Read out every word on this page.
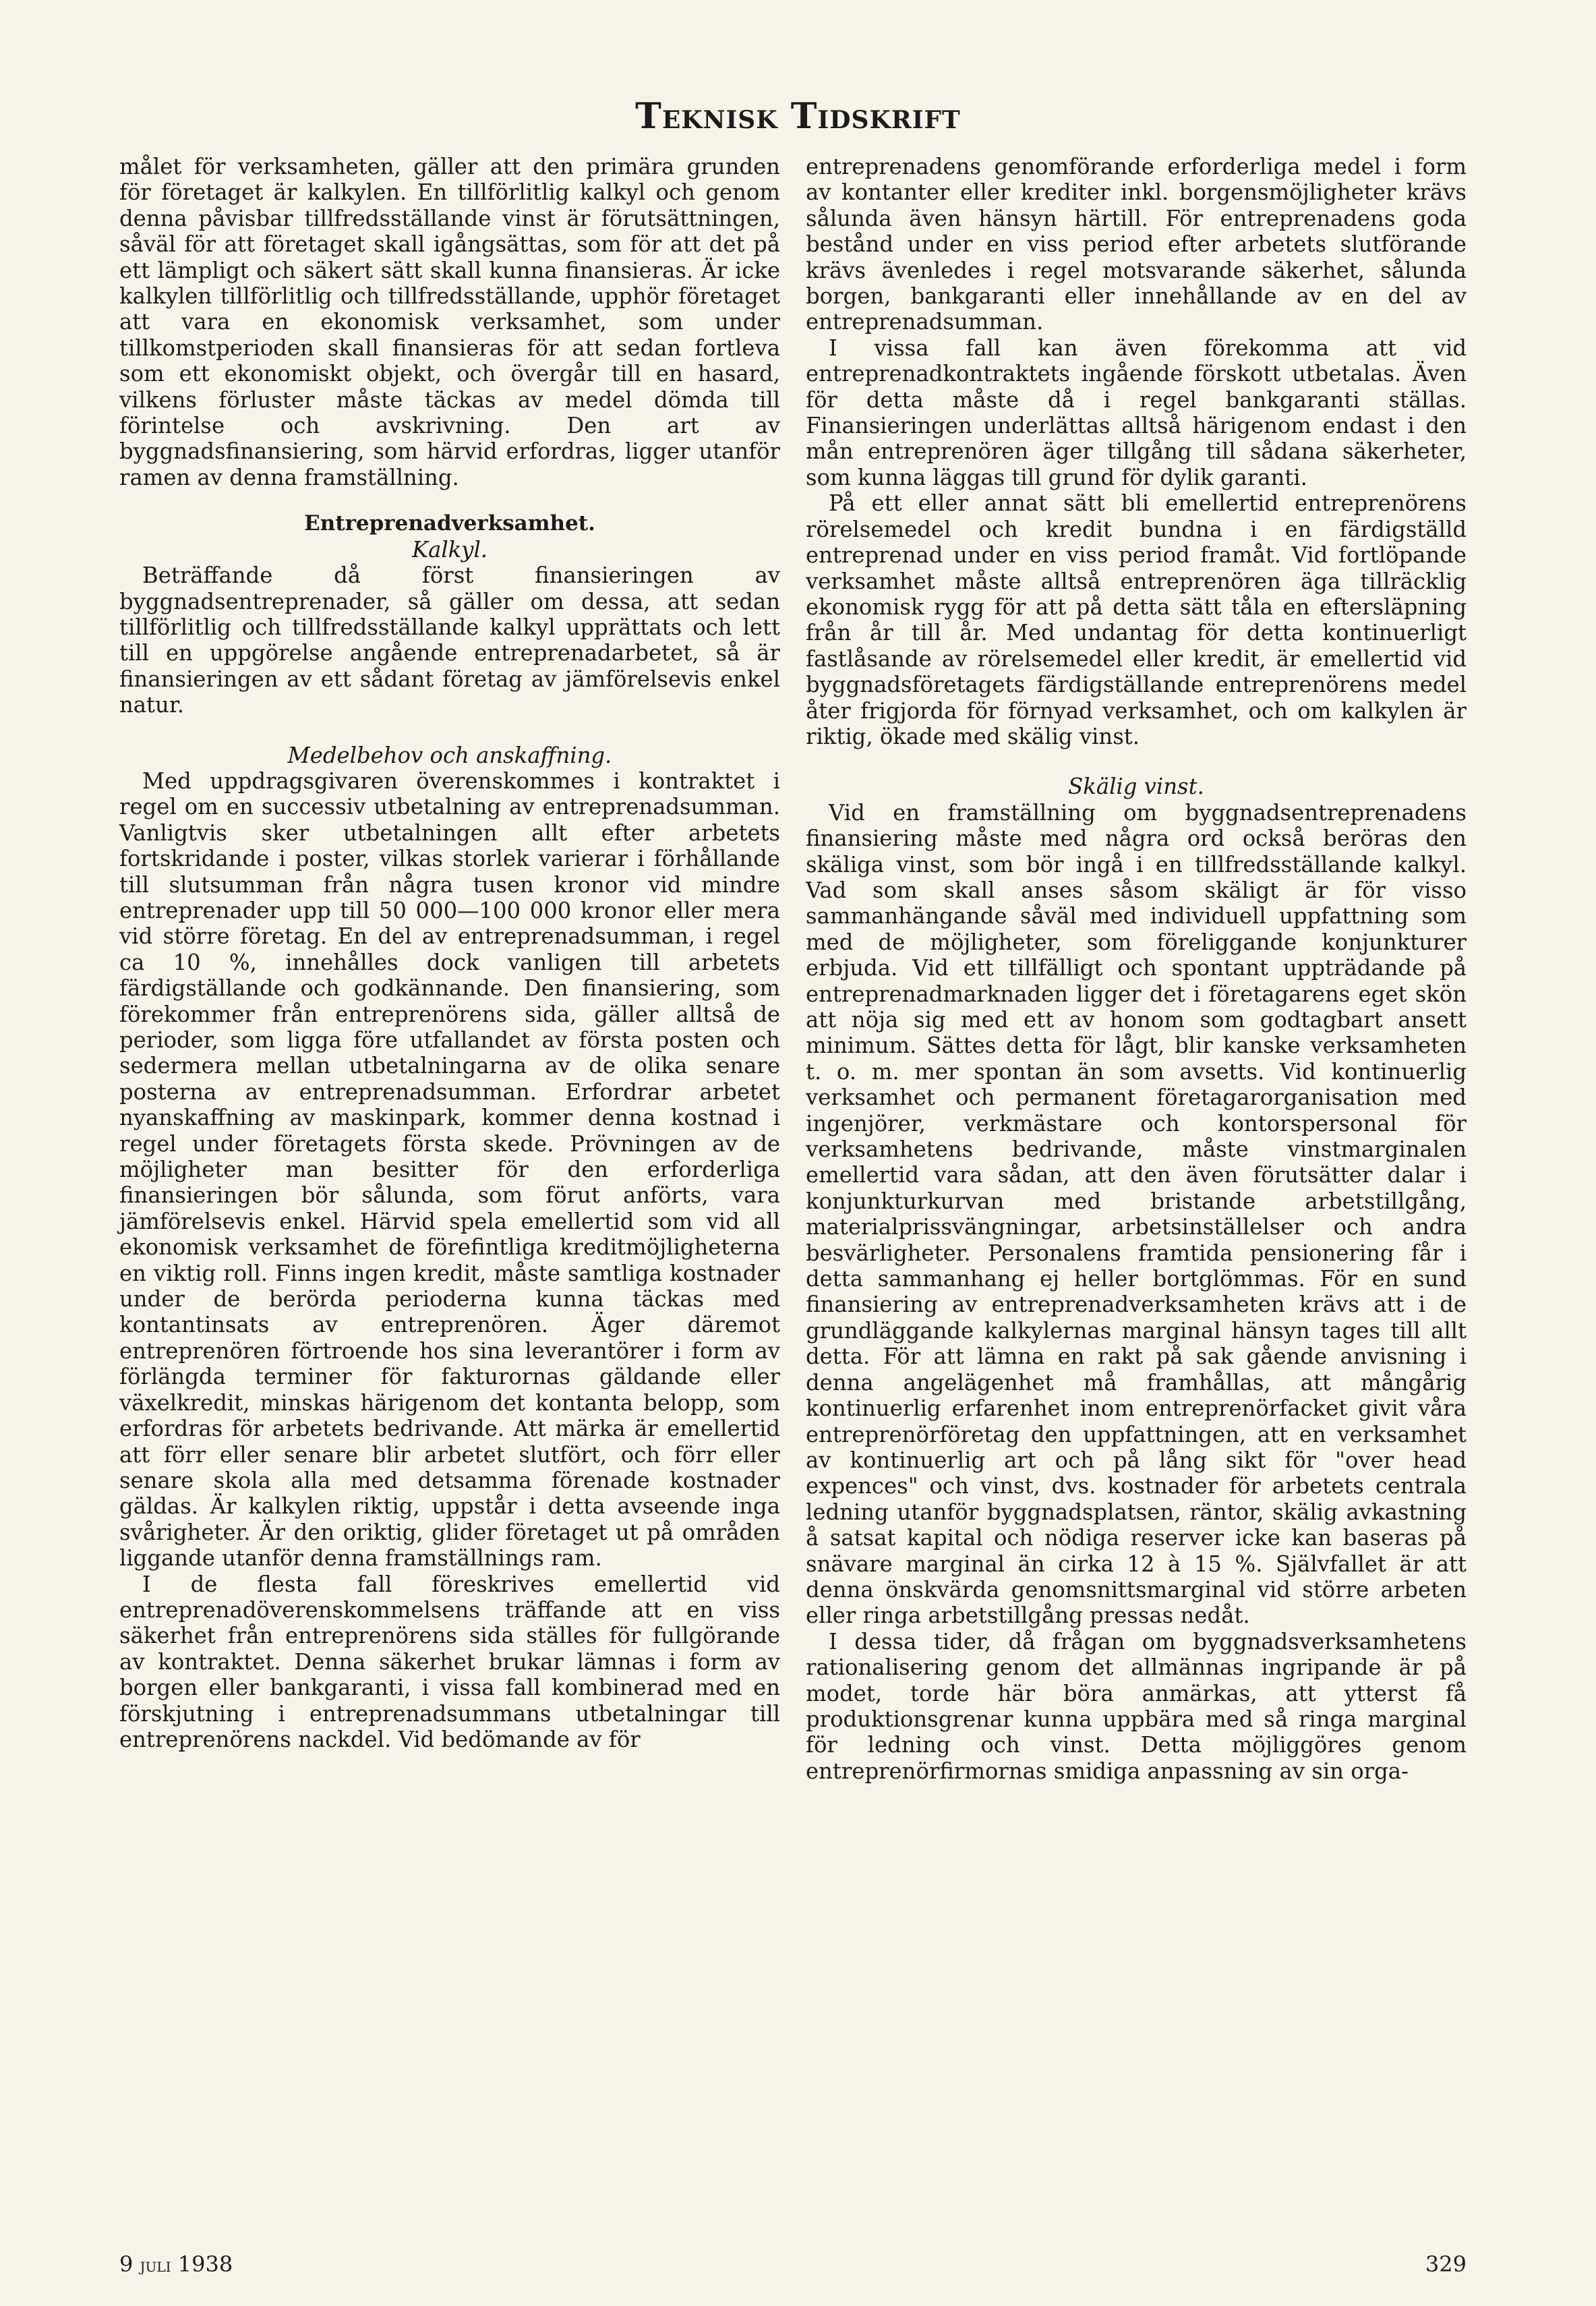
Teknisk Tidskrift

målet för verksamheten, gäller att den primära grunden för företaget är kalkylen. En tillförlitlig kalkyl och genom denna påvisbar tillfredsställande vinst är förutsättningen, såväl för att företaget skall igångsättas, som för att det på ett lämpligt och säkert sätt skall kunna finansieras. Är icke kalkylen tillförlitlig och tillfredsställande, upphör företaget att vara en ekonomisk verksamhet, som under tillkomstperioden skall finansieras för att sedan fortleva som ett ekonomiskt objekt, och övergår till en hasard, vilkens förluster måste täckas av medel dömda till förintelse och avskrivning. Den art av byggnadsfinansiering, som härvid erfordras, ligger utanför ramen av denna framställning.

Entreprenadverksamhet.
Kalkyl.

Beträffande då först finansieringen av byggnadsentreprenader, så gäller om dessa, att sedan tillförlitlig och tillfredsställande kalkyl upprättats och lett till en uppgörelse angående entreprenadarbetet, så är finansieringen av ett sådant företag av jämförelsevis enkel natur.

Medelbehov och anskaffning.

Med uppdragsgivaren överenskommes i kontraktet i regel om en successiv utbetalning av entreprenadsumman. Vanligtvis sker utbetalningen allt efter arbetets fortskridande i poster, vilkas storlek varierar i förhållande till slutsumman från några tusen kronor vid mindre entreprenader upp till 50 000—100 000 kronor eller mera vid större företag. En del av entreprenadsumman, i regel ca 10 %, innehålles dock vanligen till arbetets färdigställande och godkännande. Den finansiering, som förekommer från entreprenörens sida, gäller alltså de perioder, som ligga före utfallandet av första posten och sedermera mellan utbetalningarna av de olika senare posterna av entreprenadsumman. Erfordrar arbetet nyanskaffning av maskinpark, kommer denna kostnad i regel under företagets första skede. Prövningen av de möjligheter man besitter för den erforderliga finansieringen bör sålunda, som förut anförts, vara jämförelsevis enkel. Härvid spela emellertid som vid all ekonomisk verksamhet de förefintliga kreditmöjligheterna en viktig roll. Finns ingen kredit, måste samtliga kostnader under de berörda perioderna kunna täckas med kontantinsats av entreprenören. Äger däremot entreprenören förtroende hos sina leverantörer i form av förlängda terminer för fakturornas gäldande eller växelkredit, minskas härigenom det kontanta belopp, som erfordras för arbetets bedrivande. Att märka är emellertid att förr eller senare blir arbetet slutfört, och förr eller senare skola alla med detsamma förenade kostnader gäldas. Är kalkylen riktig, uppstår i detta avseende inga svårigheter. Är den oriktig, glider företaget ut på områden liggande utanför denna framställnings ram.

I de flesta fall föreskrives emellertid vid entreprenadöverenskommelsens träffande att en viss säkerhet från entreprenörens sida ställes för fullgörande av kontraktet. Denna säkerhet brukar lämnas i form av borgen eller bankgaranti, i vissa fall kombinerad med en förskjutning i entreprenadsummans utbetalningar till entreprenörens nackdel. Vid bedömande av för

entreprenadens genomförande erforderliga medel i form av kontanter eller krediter inkl. borgensmöjligheter krävs sålunda även hänsyn härtill. För entreprenadens goda bestånd under en viss period efter arbetets slutförande krävs ävenledes i regel motsvarande säkerhet, sålunda borgen, bankgaranti eller innehållande av en del av entreprenadsumman.

I vissa fall kan även förekomma att vid entreprenadkontraktets ingående förskott utbetalas. Även för detta måste då i regel bankgaranti ställas. Finansieringen underlättas alltså härigenom endast i den mån entreprenören äger tillgång till sådana säkerheter, som kunna läggas till grund för dylik garanti.

På ett eller annat sätt bli emellertid entreprenörens rörelsemedel och kredit bundna i en färdigställd entreprenad under en viss period framåt. Vid fortlöpande verksamhet måste alltså entreprenören äga tillräcklig ekonomisk rygg för att på detta sätt tåla en eftersläpning från år till år. Med undantag för detta kontinuerligt fastlåsande av rörelsemedel eller kredit, är emellertid vid byggnadsföretagets färdigställande entreprenörens medel åter frigjorda för förnyad verksamhet, och om kalkylen är riktig, ökade med skälig vinst.

Skälig vinst.

Vid en framställning om byggnadsentreprenadens finansiering måste med några ord också beröras den skäliga vinst, som bör ingå i en tillfredsställande kalkyl. Vad som skall anses såsom skäligt är för visso sammanhängande såväl med individuell uppfattning som med de möjligheter, som föreliggande konjunkturer erbjuda. Vid ett tillfälligt och spontant uppträdande på entreprenadmarknaden ligger det i företagarens eget skön att nöja sig med ett av honom som godtagbart ansett minimum. Sättes detta för lågt, blir kanske verksamheten t. o. m. mer spontan än som avsetts. Vid kontinuerlig verksamhet och permanent företagarorganisation med ingenjörer, verkmästare och kontorspersonal för verksamhetens bedrivande, måste vinstmarginalen emellertid vara sådan, att den även förutsätter dalar i konjunkturkurvan med bristande arbetstillgång, materialprissvängningar, arbetsinställelser och andra besvärligheter. Personalens framtida pensionering får i detta sammanhang ej heller bortglömmas. För en sund finansiering av entreprenadverksamheten krävs att i de grundläggande kalkylernas marginal hänsyn tages till allt detta. För att lämna en rakt på sak gående anvisning i denna angelägenhet må framhållas, att mångårig kontinuerlig erfarenhet inom entreprenörfacket givit våra entreprenörföretag den uppfattningen, att en verksamhet av kontinuerlig art och på lång sikt för "over head expences" och vinst, dvs. kostnader för arbetets centrala ledning utanför byggnadsplatsen, räntor, skälig avkastning å satsat kapital och nödiga reserver icke kan baseras på snävare marginal än cirka 12 à 15 %. Självfallet är att denna önskvärda genomsnittsmarginal vid större arbeten eller ringa arbetstillgång pressas nedåt.

I dessa tider, då frågan om byggnadsverksamhetens rationalisering genom det allmännas ingripande är på modet, torde här böra anmärkas, att ytterst få produktionsgrenar kunna uppbära med så ringa marginal för ledning och vinst. Detta möjliggöres genom entreprenörfirmornas smidiga anpassning av sin orga-

9 juli 1938	329
